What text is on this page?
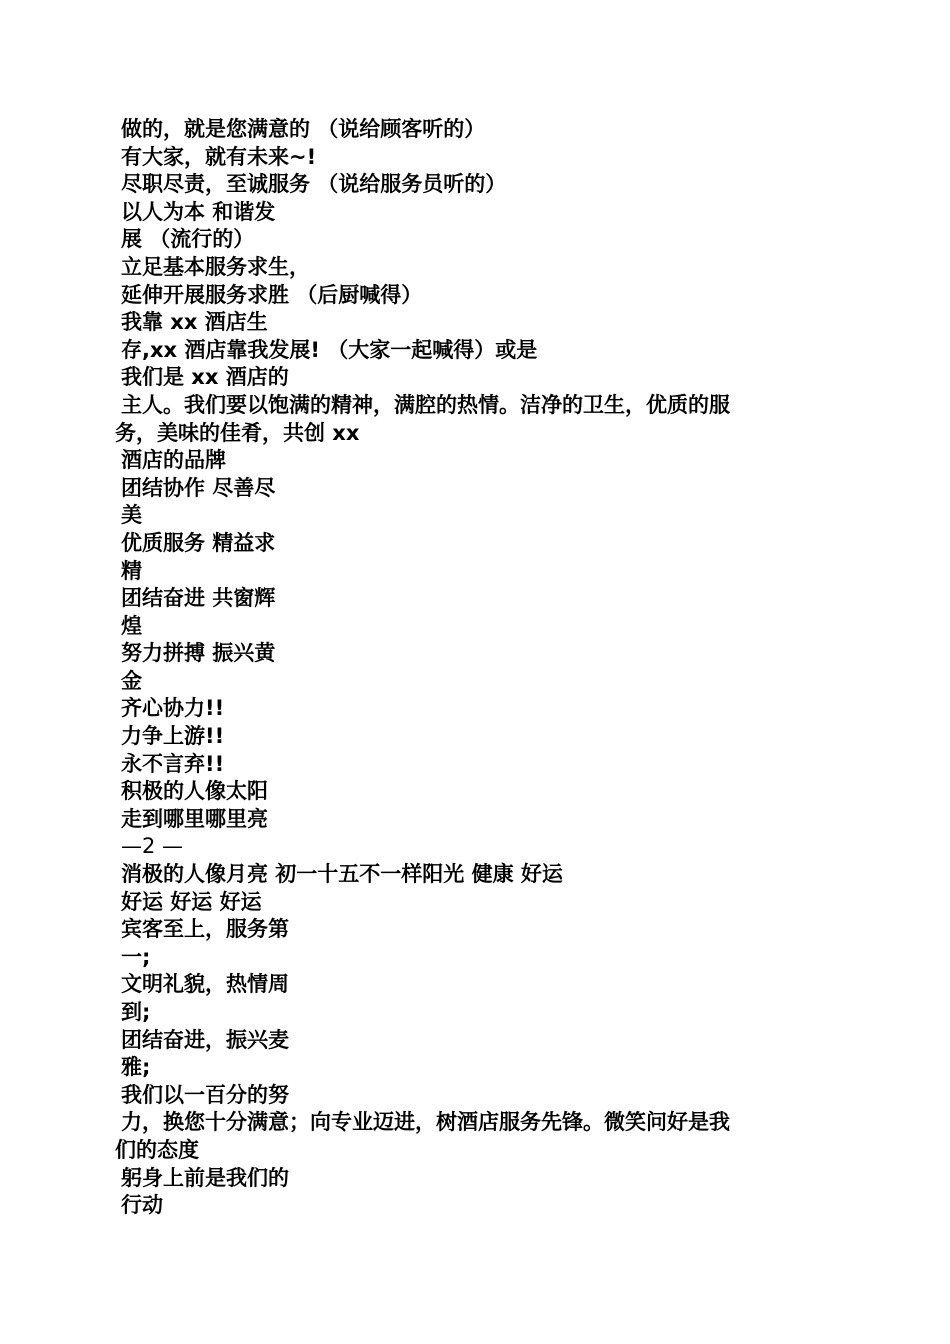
做的，就是您满意的 （说给顾客听的）
有大家，就有未来~!
尽职尽责，至诚服务 （说给服务员听的）
以人为本 和谐发
展 （流行的）
立足基本服务求生，
延伸开展服务求胜 （后厨喊得）
我靠 xx 酒店生
存,xx 酒店靠我发展! （大家一起喊得）或是
我们是 xx 酒店的
主人。我们要以饱满的精神，满腔的热情。洁净的卫生，优质的服
务，美味的佳肴，共创 xx
酒店的品牌
团结协作 尽善尽
美
优质服务 精益求
精
团结奋进 共窗辉
煌
努力拼搏 振兴黄
金
齐心协力!!
力争上游!!
永不言弃!!
积极的人像太阳
走到哪里哪里亮
—2 —
消极的人像月亮 初一十五不一样阳光 健康 好运
好运 好运 好运
宾客至上，服务第
一;
文明礼貌，热情周
到;
团结奋进，振兴麦
雅;
我们以一百分的努
力，换您十分满意；向专业迈进，树酒店服务先锋。微笑问好是我
们的态度
躬身上前是我们的
行动
